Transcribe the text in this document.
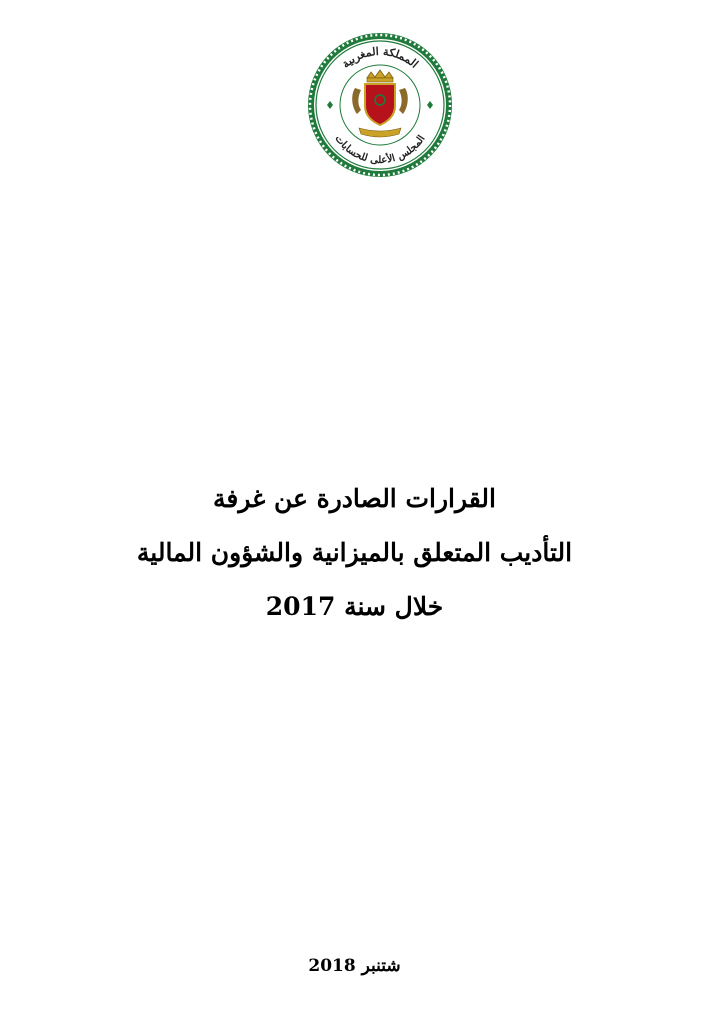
المملكة المغربية
المجلس الأعلى للحسابات
القرارات الصادرة عن غرفة
التأديب المتعلق بالميزانية والشؤون المالية
خلال سنة 2017
شتنبر 2018
